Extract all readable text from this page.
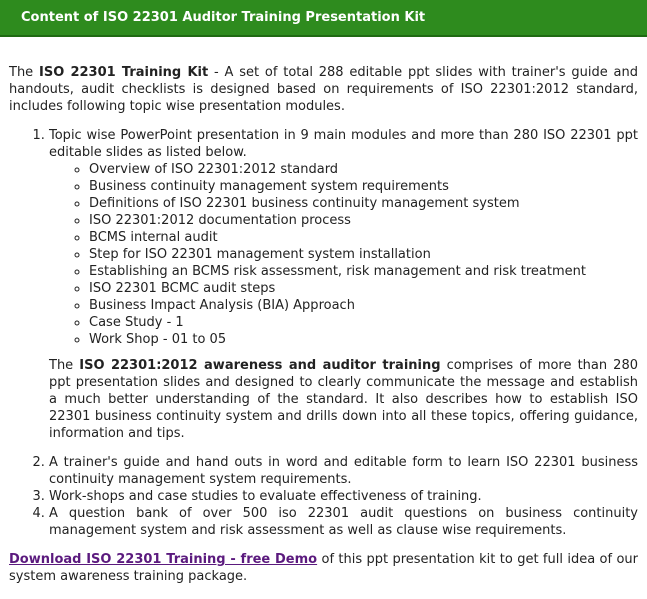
Content of ISO 22301 Auditor Training Presentation Kit

The ISO 22301 Training Kit - A set of total 288 editable ppt slides with trainer's guide and handouts, audit checklists is designed based on requirements of ISO 22301:2012 standard, includes following topic wise presentation modules.

1. Topic wise PowerPoint presentation in 9 main modules and more than 280 ISO 22301 ppt editable slides as listed below.
◦ Overview of ISO 22301:2012 standard
◦ Business continuity management system requirements
◦ Definitions of ISO 22301 business continuity management system
◦ ISO 22301:2012 documentation process
◦ BCMS internal audit
◦ Step for ISO 22301 management system installation
◦ Establishing an BCMS risk assessment, risk management and risk treatment
◦ ISO 22301 BCMC audit steps
◦ Business Impact Analysis (BIA) Approach
◦ Case Study - 1
◦ Work Shop - 01 to 05

The ISO 22301:2012 awareness and auditor training comprises of more than 280 ppt presentation slides and designed to clearly communicate the message and establish a much better understanding of the standard. It also describes how to establish ISO 22301 business continuity system and drills down into all these topics, offering guidance, information and tips.

2. A trainer's guide and hand outs in word and editable form to learn ISO 22301 business continuity management system requirements.
3. Work-shops and case studies to evaluate effectiveness of training.
4. A question bank of over 500 iso 22301 audit questions on business continuity management system and risk assessment as well as clause wise requirements.

Download ISO 22301 Training - free Demo of this ppt presentation kit to get full idea of our system awareness training package.
